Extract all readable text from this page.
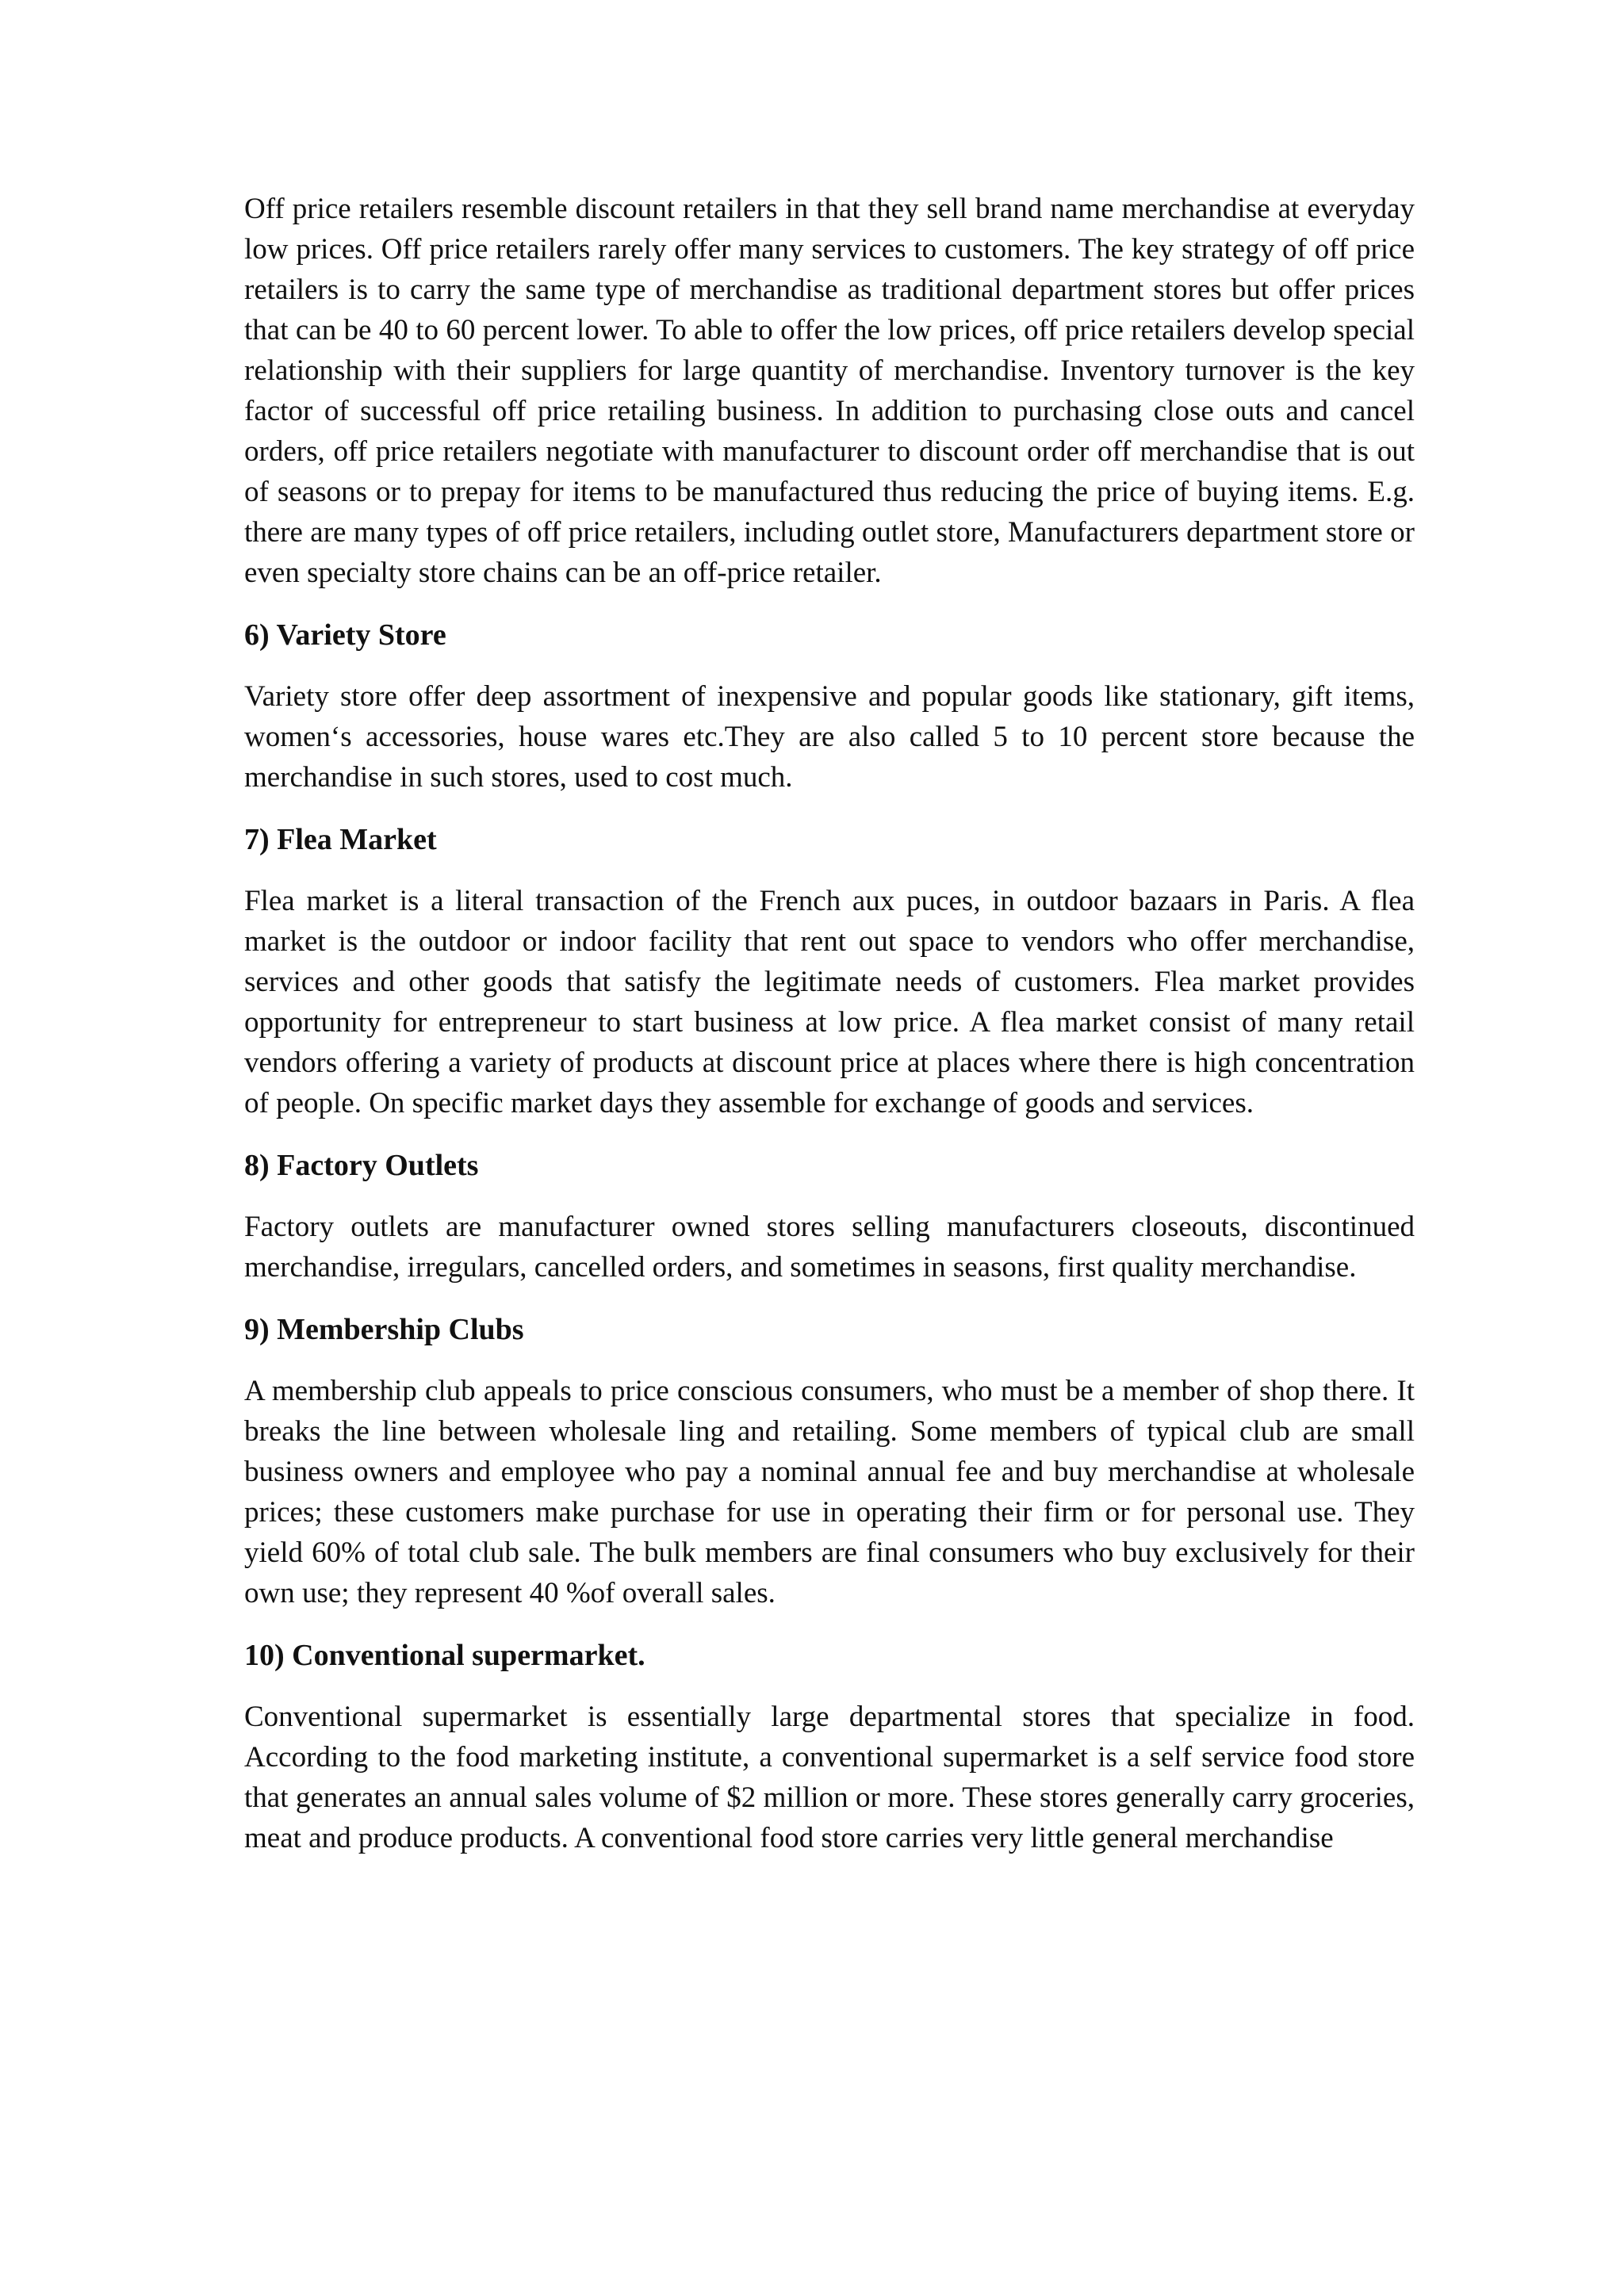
Off price retailers resemble discount retailers in that they sell brand name merchandise at everyday low prices. Off price retailers rarely offer many services to customers. The key strategy of off price retailers is to carry the same type of merchandise as traditional department stores but offer prices that can be 40 to 60 percent lower. To able to offer the low prices, off price retailers develop special relationship with their suppliers for large quantity of merchandise. Inventory turnover is the key factor of successful off price retailing business. In addition to purchasing close outs and cancel orders, off price retailers negotiate with manufacturer to discount order off merchandise that is out of seasons or to prepay for items to be manufactured thus reducing the price of buying items. E.g. there are many types of off price retailers, including outlet store, Manufacturers department store or even specialty store chains can be an off-price retailer.

6) Variety Store

Variety store offer deep assortment of inexpensive and popular goods like stationary, gift items, women‘s accessories, house wares etc.They are also called 5 to 10 percent store because the merchandise in such stores, used to cost much.

7) Flea Market

Flea market is a literal transaction of the French aux puces, in outdoor bazaars in Paris. A flea market is the outdoor or indoor facility that rent out space to vendors who offer merchandise, services and other goods that satisfy the legitimate needs of customers. Flea market provides opportunity for entrepreneur to start business at low price. A flea market consist of many retail vendors offering a variety of products at discount price at places where there is high concentration of people. On specific market days they assemble for exchange of goods and services.

8) Factory Outlets

Factory outlets are manufacturer owned stores selling manufacturers closeouts, discontinued merchandise, irregulars, cancelled orders, and sometimes in seasons, first quality merchandise.

9) Membership Clubs

A membership club appeals to price conscious consumers, who must be a member of shop there. It breaks the line between wholesale ling and retailing. Some members of typical club are small business owners and employee who pay a nominal annual fee and buy merchandise at wholesale prices; these customers make purchase for use in operating their firm or for personal use. They yield 60% of total club sale. The bulk members are final consumers who buy exclusively for their own use; they represent 40 %of overall sales.

10) Conventional supermarket.

Conventional supermarket is essentially large departmental stores that specialize in food. According to the food marketing institute, a conventional supermarket is a self service food store that generates an annual sales volume of $2 million or more. These stores generally carry groceries, meat and produce products. A conventional food store carries very little general merchandise
